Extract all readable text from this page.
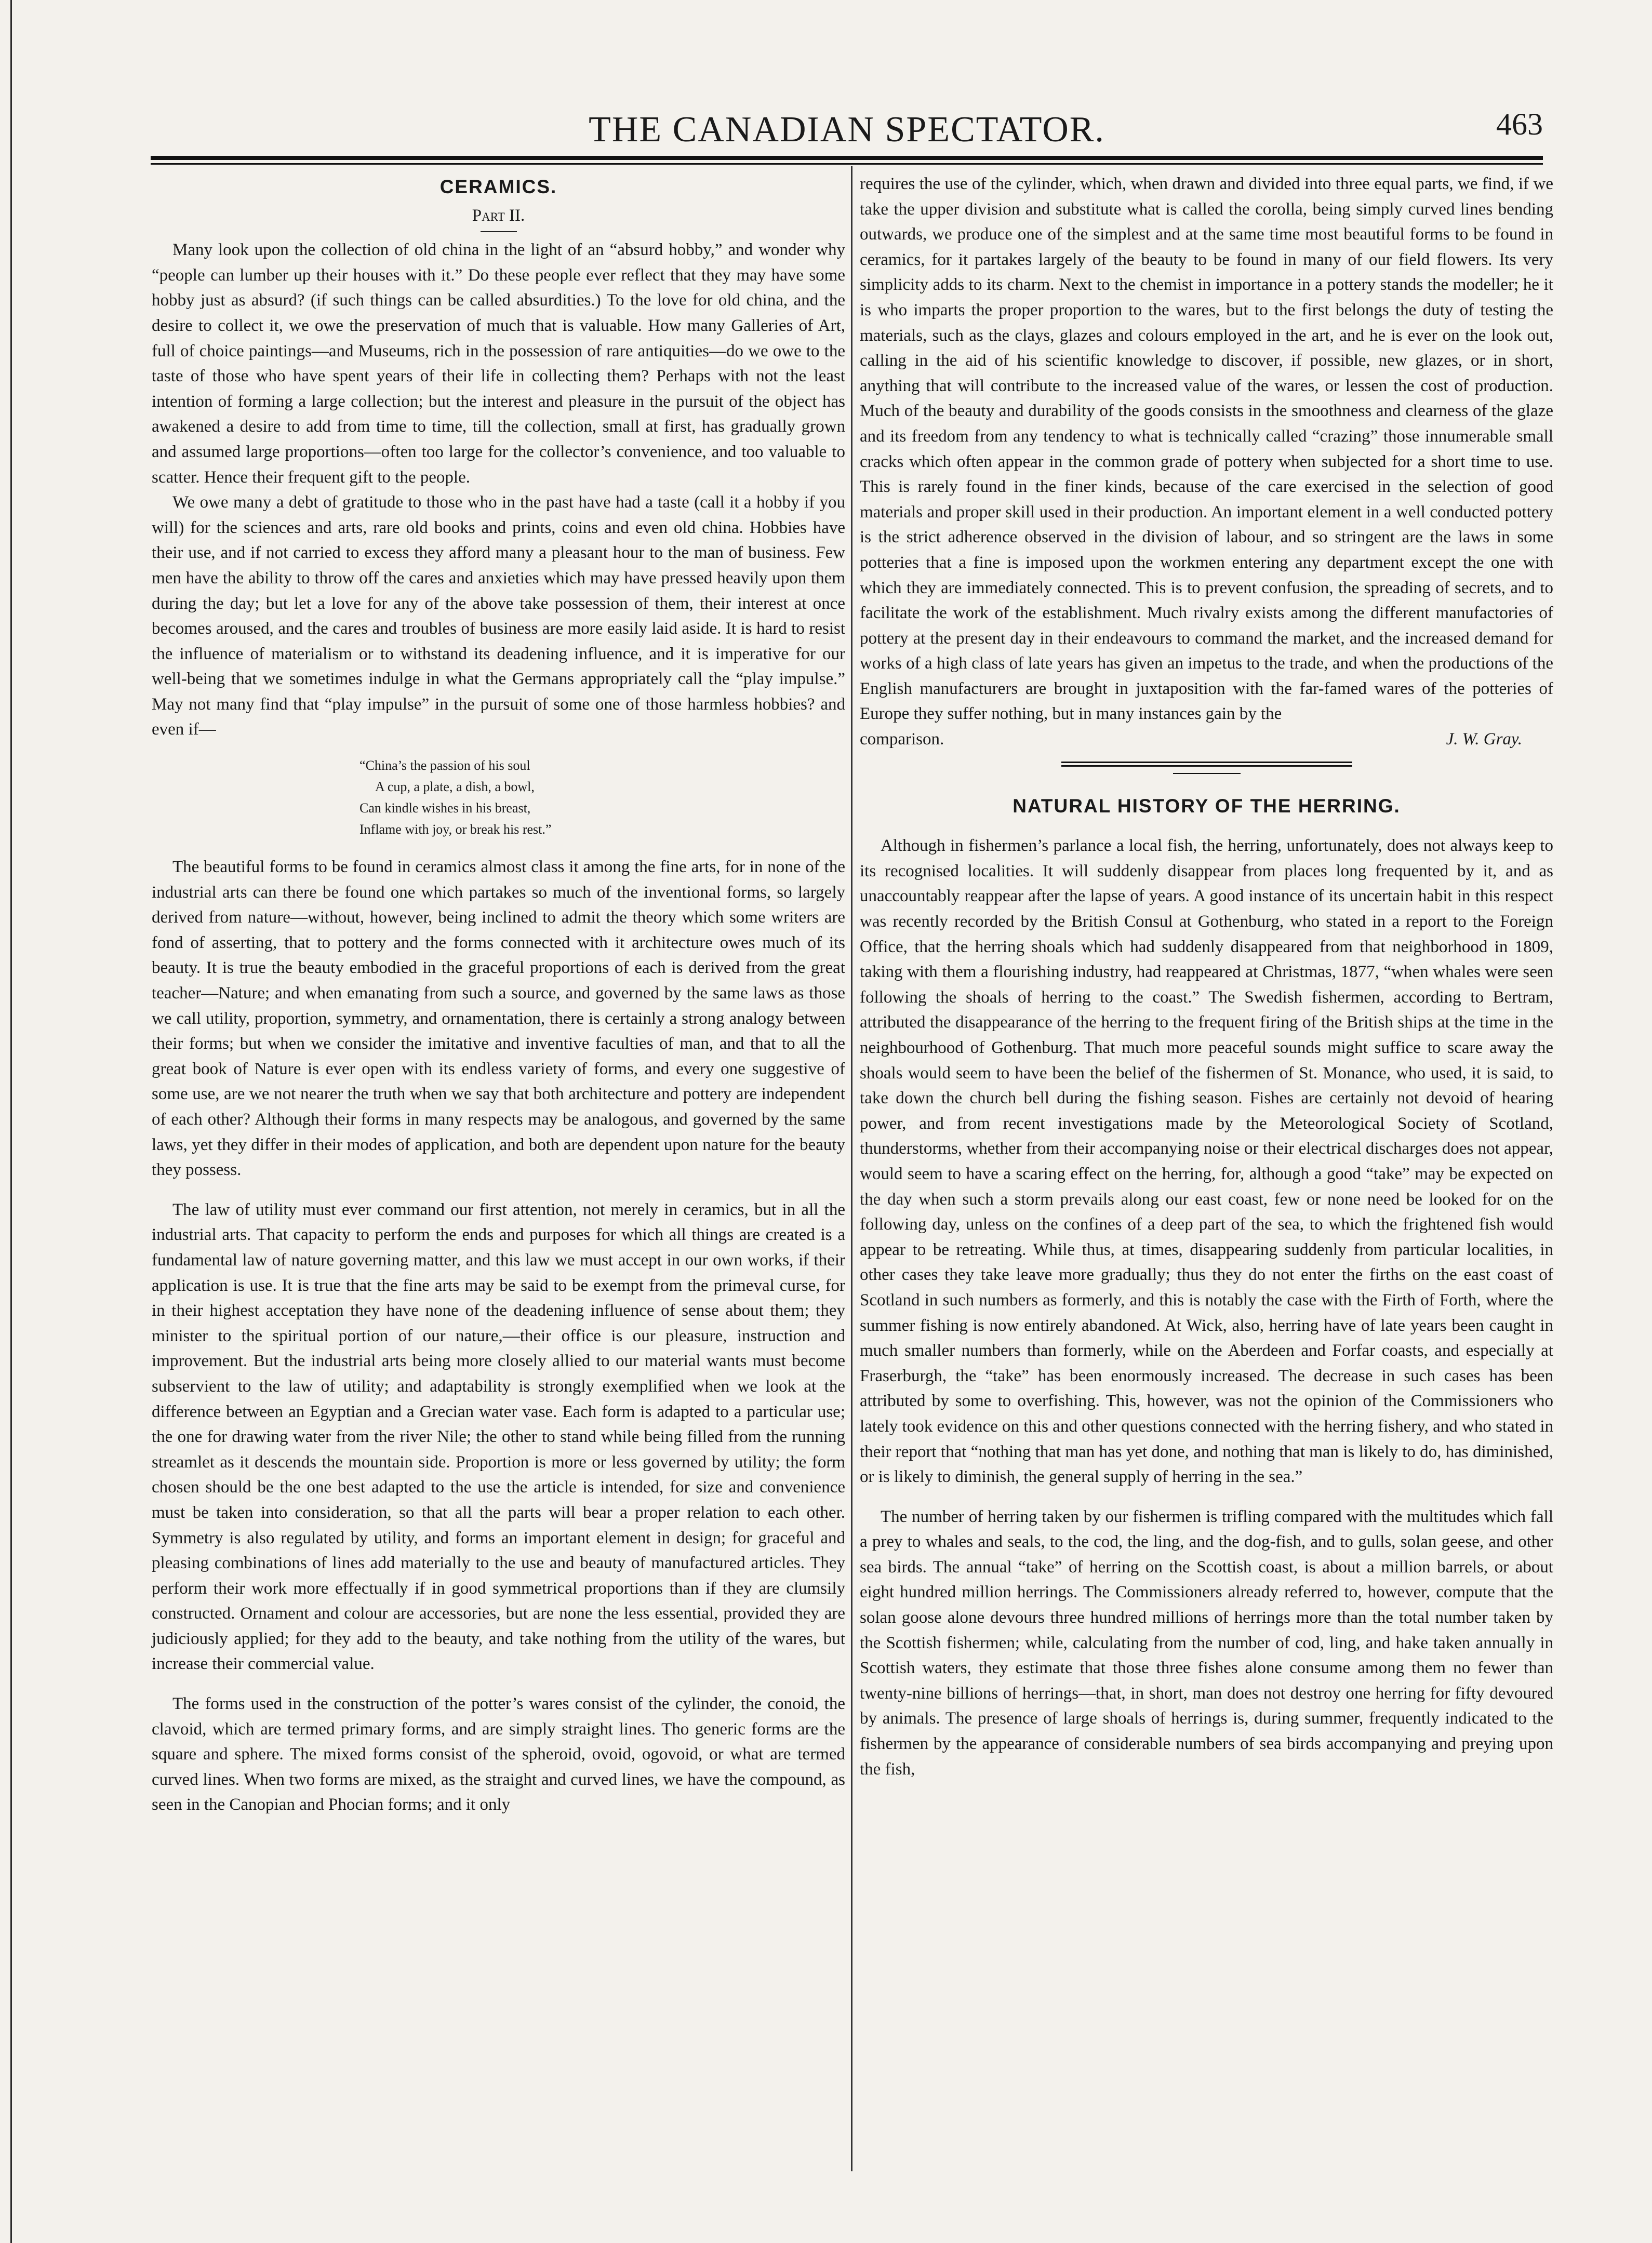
THE CANADIAN SPECTATOR.	463
CERAMICS.
Part II.

Many look upon the collection of old china in the light of an “absurd hobby,” and wonder why “people can lumber up their houses with it.” Do these people ever reflect that they may have some hobby just as absurd? (if such things can be called absurdities.) To the love for old china, and the desire to collect it, we owe the preservation of much that is valuable. How many Galleries of Art, full of choice paintings—and Museums, rich in the possession of rare antiquities—do we owe to the taste of those who have spent years of their life in collecting them? Perhaps with not the least intention of forming a large collection; but the interest and pleasure in the pursuit of the object has awakened a desire to add from time to time, till the collection, small at first, has gradually grown and assumed large proportions—often too large for the collector’s convenience, and too valuable to scatter. Hence their frequent gift to the people.

We owe many a debt of gratitude to those who in the past have had a taste (call it a hobby if you will) for the sciences and arts, rare old books and prints, coins and even old china. Hobbies have their use, and if not carried to excess they afford many a pleasant hour to the man of business. Few men have the ability to throw off the cares and anxieties which may have pressed heavily upon them during the day; but let a love for any of the above take possession of them, their interest at once becomes aroused, and the cares and troubles of business are more easily laid aside. It is hard to resist the influence of materialism or to withstand its deadening influence, and it is imperative for our well-being that we sometimes indulge in what the Germans appropriately call the “play impulse.” May not many find that “play impulse” in the pursuit of some one of those harmless hobbies? and even if—

“China’s the passion of his soul
A cup, a plate, a dish, a bowl,
Can kindle wishes in his breast,
Inflame with joy, or break his rest.”

The beautiful forms to be found in ceramics almost class it among the fine arts, for in none of the industrial arts can there be found one which partakes so much of the inventional forms, so largely derived from nature—without, however, being inclined to admit the theory which some writers are fond of asserting, that to pottery and the forms connected with it architecture owes much of its beauty. It is true the beauty embodied in the graceful proportions of each is derived from the great teacher—Nature; and when emanating from such a source, and governed by the same laws as those we call utility, proportion, symmetry, and ornamentation, there is certainly a strong analogy between their forms; but when we consider the imitative and inventive faculties of man, and that to all the great book of Nature is ever open with its endless variety of forms, and every one suggestive of some use, are we not nearer the truth when we say that both architecture and pottery are independent of each other? Although their forms in many respects may be analogous, and governed by the same laws, yet they differ in their modes of application, and both are dependent upon nature for the beauty they possess.

The law of utility must ever command our first attention, not merely in ceramics, but in all the industrial arts. That capacity to perform the ends and purposes for which all things are created is a fundamental law of nature governing matter, and this law we must accept in our own works, if their application is use. It is true that the fine arts may be said to be exempt from the primeval curse, for in their highest acceptation they have none of the deadening influence of sense about them; they minister to the spiritual portion of our nature,—their office is our pleasure, instruction and improvement. But the industrial arts being more closely allied to our material wants must become subservient to the law of utility; and adaptability is strongly exemplified when we look at the difference between an Egyptian and a Grecian water vase. Each form is adapted to a particular use; the one for drawing water from the river Nile; the other to stand while being filled from the running streamlet as it descends the mountain side. Proportion is more or less governed by utility; the form chosen should be the one best adapted to the use the article is intended, for size and convenience must be taken into consideration, so that all the parts will bear a proper relation to each other. Symmetry is also regulated by utility, and forms an important element in design; for graceful and pleasing combinations of lines add materially to the use and beauty of manufactured articles. They perform their work more effectually if in good symmetrical proportions than if they are clumsily constructed. Ornament and colour are accessories, but are none the less essential, provided they are judiciously applied; for they add to the beauty, and take nothing from the utility of the wares, but increase their commercial value.

The forms used in the construction of the potter’s wares consist of the cylinder, the conoid, the clavoid, which are termed primary forms, and are simply straight lines. Tho generic forms are the square and sphere. The mixed forms consist of the spheroid, ovoid, ogovoid, or what are termed curved lines. When two forms are mixed, as the straight and curved lines, we have the compound, as seen in the Canopian and Phocian forms; and it only

requires the use of the cylinder, which, when drawn and divided into three equal parts, we find, if we take the upper division and substitute what is called the corolla, being simply curved lines bending outwards, we produce one of the simplest and at the same time most beautiful forms to be found in ceramics, for it partakes largely of the beauty to be found in many of our field flowers. Its very simplicity adds to its charm. Next to the chemist in importance in a pottery stands the modeller; he it is who imparts the proper proportion to the wares, but to the first belongs the duty of testing the materials, such as the clays, glazes and colours employed in the art, and he is ever on the look out, calling in the aid of his scientific knowledge to discover, if possible, new glazes, or in short, anything that will contribute to the increased value of the wares, or lessen the cost of production. Much of the beauty and durability of the goods consists in the smoothness and clearness of the glaze and its freedom from any tendency to what is technically called “crazing” those innumerable small cracks which often appear in the common grade of pottery when subjected for a short time to use. This is rarely found in the finer kinds, because of the care exercised in the selection of good materials and proper skill used in their production. An important element in a well conducted pottery is the strict adherence observed in the division of labour, and so stringent are the laws in some potteries that a fine is imposed upon the workmen entering any department except the one with which they are immediately connected. This is to prevent confusion, the spreading of secrets, and to facilitate the work of the establishment. Much rivalry exists among the different manufactories of pottery at the present day in their endeavours to command the market, and the increased demand for works of a high class of late years has given an impetus to the trade, and when the productions of the English manufacturers are brought in juxtaposition with the far-famed wares of the potteries of Europe they suffer nothing, but in many instances gain by the

comparison.	J. W. Gray.
NATURAL HISTORY OF THE HERRING.

Although in fishermen’s parlance a local fish, the herring, unfortunately, does not always keep to its recognised localities. It will suddenly disappear from places long frequented by it, and as unaccountably reappear after the lapse of years. A good instance of its uncertain habit in this respect was recently recorded by the British Consul at Gothenburg, who stated in a report to the Foreign Office, that the herring shoals which had suddenly disappeared from that neighborhood in 1809, taking with them a flourishing industry, had reappeared at Christmas, 1877, “when whales were seen following the shoals of herring to the coast.” The Swedish fishermen, according to Bertram, attributed the disappearance of the herring to the frequent firing of the British ships at the time in the neighbourhood of Gothenburg. That much more peaceful sounds might suffice to scare away the shoals would seem to have been the belief of the fishermen of St. Monance, who used, it is said, to take down the church bell during the fishing season. Fishes are certainly not devoid of hearing power, and from recent investigations made by the Meteorological Society of Scotland, thunderstorms, whether from their accompanying noise or their electrical discharges does not appear, would seem to have a scaring effect on the herring, for, although a good “take” may be expected on the day when such a storm prevails along our east coast, few or none need be looked for on the following day, unless on the confines of a deep part of the sea, to which the frightened fish would appear to be retreating. While thus, at times, disappearing suddenly from particular localities, in other cases they take leave more gradually; thus they do not enter the firths on the east coast of Scotland in such numbers as formerly, and this is notably the case with the Firth of Forth, where the summer fishing is now entirely abandoned. At Wick, also, herring have of late years been caught in much smaller numbers than formerly, while on the Aberdeen and Forfar coasts, and especially at Fraserburgh, the “take” has been enormously increased. The decrease in such cases has been attributed by some to overfishing. This, however, was not the opinion of the Commissioners who lately took evidence on this and other questions connected with the herring fishery, and who stated in their report that “nothing that man has yet done, and nothing that man is likely to do, has diminished, or is likely to diminish, the general supply of herring in the sea.”

The number of herring taken by our fishermen is trifling compared with the multitudes which fall a prey to whales and seals, to the cod, the ling, and the dog-fish, and to gulls, solan geese, and other sea birds. The annual “take” of herring on the Scottish coast, is about a million barrels, or about eight hundred million herrings. The Commissioners already referred to, however, compute that the solan goose alone devours three hundred millions of herrings more than the total number taken by the Scottish fishermen; while, calculating from the number of cod, ling, and hake taken annually in Scottish waters, they estimate that those three fishes alone consume among them no fewer than twenty-nine billions of herrings—that, in short, man does not destroy one herring for fifty devoured by animals. The presence of large shoals of herrings is, during summer, frequently indicated to the fishermen by the appearance of considerable numbers of sea birds accompanying and preying upon the fish,
